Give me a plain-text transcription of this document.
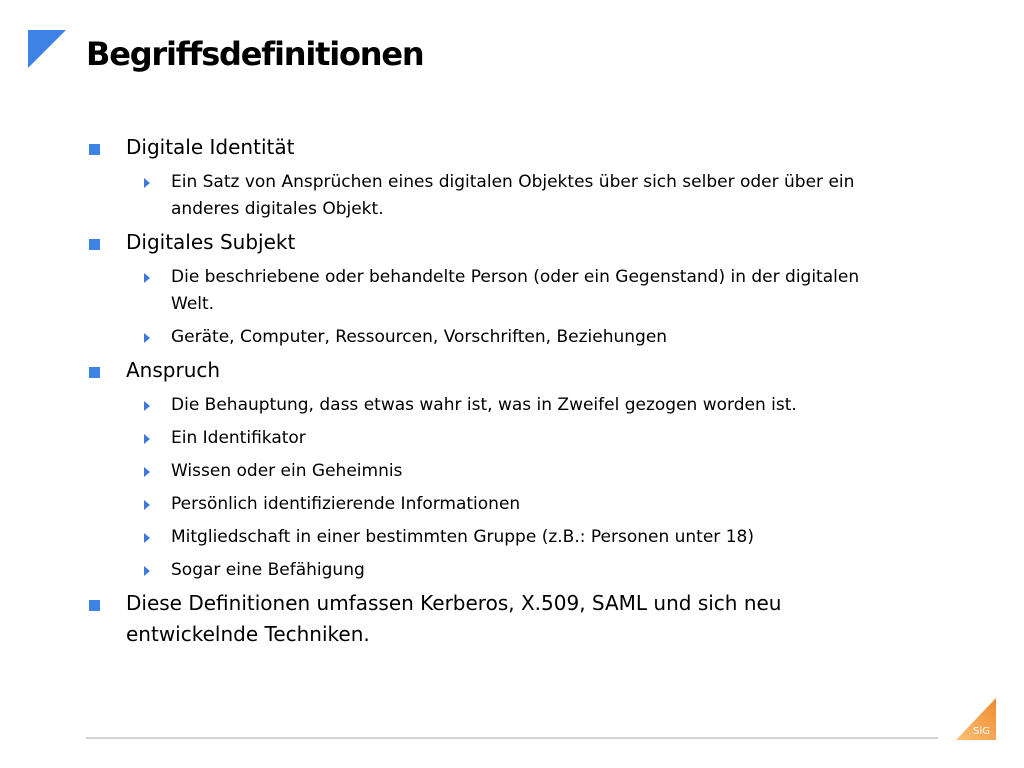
Begriffsdefinitionen
Digitale Identität
Ein Satz von Ansprüchen eines digitalen Objektes über sich selber oder über ein anderes digitales Objekt.
Digitales Subjekt
Die beschriebene oder behandelte Person (oder ein Gegenstand) in der digitalen Welt.
Geräte, Computer, Ressourcen, Vorschriften, Beziehungen
Anspruch
Die Behauptung, dass etwas wahr ist, was in Zweifel gezogen worden ist.
Ein Identifikator
Wissen oder ein Geheimnis
Persönlich identifizierende Informationen
Mitgliedschaft in einer bestimmten Gruppe (z.B.: Personen unter 18)
Sogar eine Befähigung
Diese Definitionen umfassen Kerberos, X.509, SAML und sich neu entwickelnde Techniken.
SiG
